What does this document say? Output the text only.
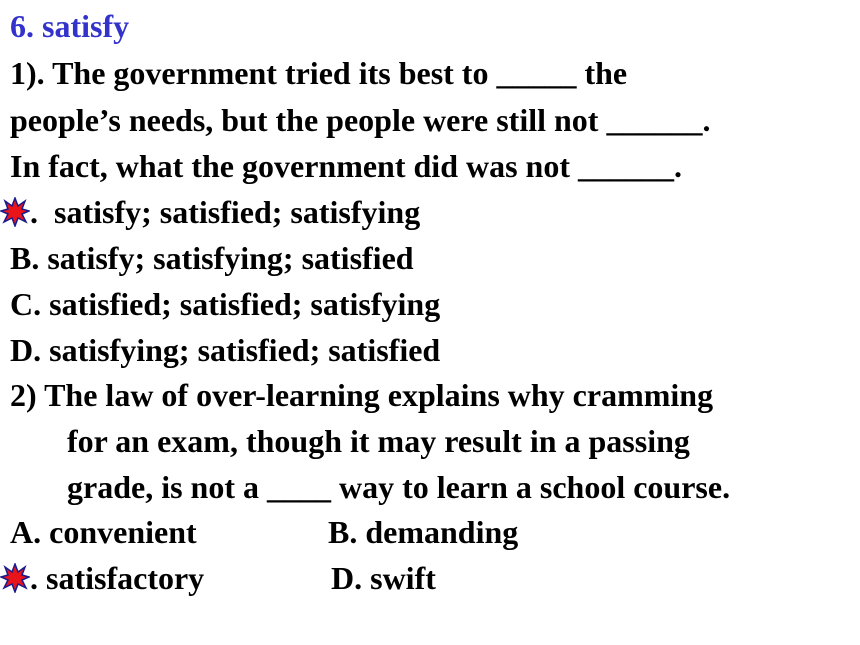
6. satisfy

1). The government tried its best to _____ the

people’s needs, but the people were still not ______.

In fact, what the government did was not ______.

.  satisfy; satisfied; satisfying

B. satisfy; satisfying; satisfied

C. satisfied; satisfied; satisfying

D. satisfying; satisfied; satisfied

2) The law of over-learning explains why cramming

for an exam, though it may result in a passing

grade, is not a ____ way to learn a school course.

A. convenient	B. demanding

. satisfactory	D. swift
